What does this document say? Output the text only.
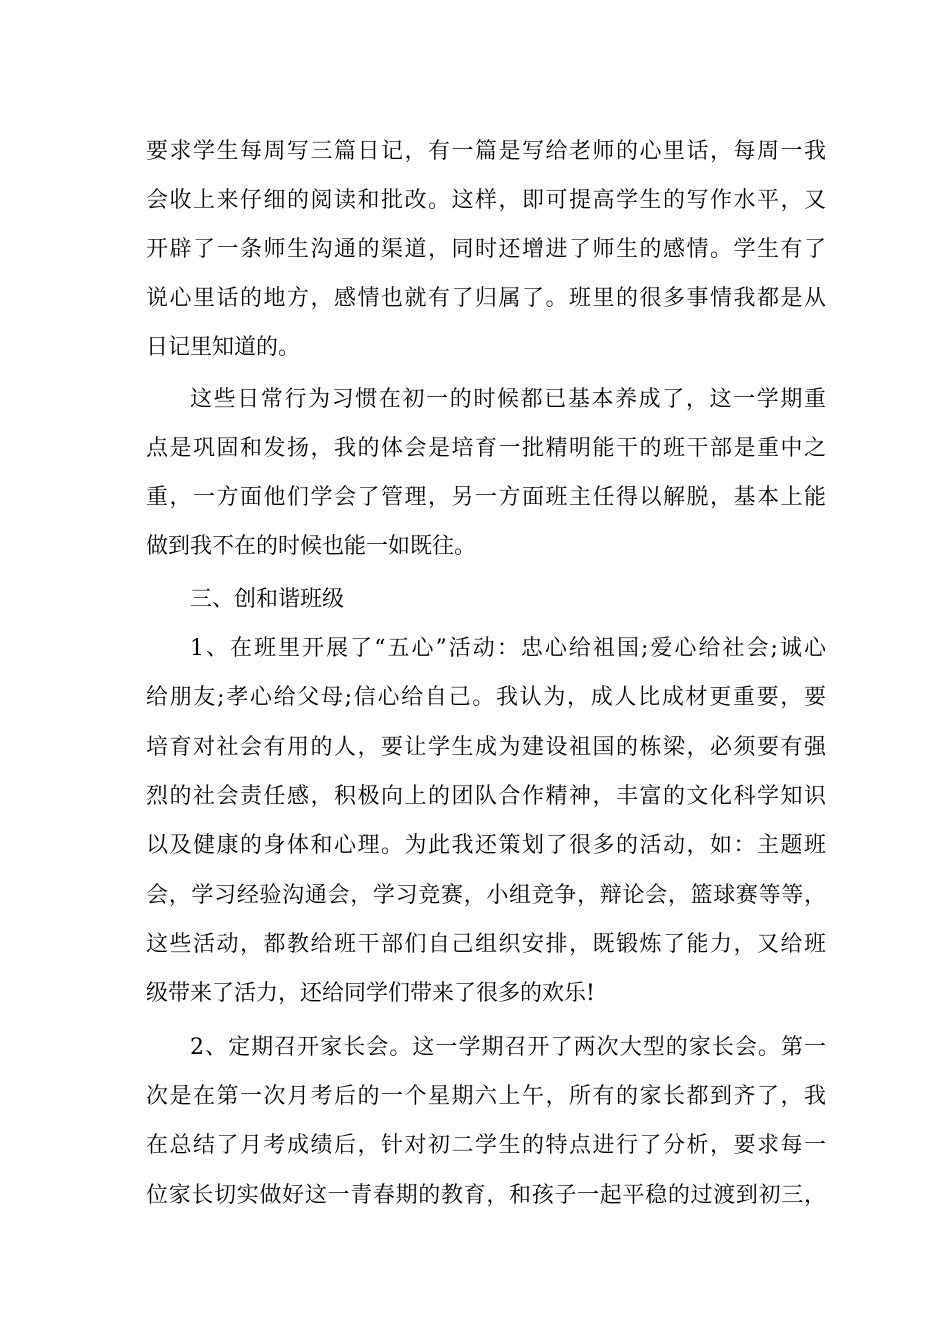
要求学生每周写三篇日记，有一篇是写给老师的心里话，每周一我
会收上来仔细的阅读和批改。这样，即可提高学生的写作水平，又
开辟了一条师生沟通的渠道，同时还增进了师生的感情。学生有了
说心里话的地方，感情也就有了归属了。班里的很多事情我都是从
日记里知道的。
这些日常行为习惯在初一的时候都已基本养成了，这一学期重
点是巩固和发扬，我的体会是培育一批精明能干的班干部是重中之
重，一方面他们学会了管理，另一方面班主任得以解脱，基本上能
做到我不在的时候也能一如既往。
三、创和谐班级
1、在班里开展了“五心”活动：忠心给祖国;爱心给社会;诚心
给朋友;孝心给父母;信心给自己。我认为，成人比成材更重要，要
培育对社会有用的人，要让学生成为建设祖国的栋梁，必须要有强
烈的社会责任感，积极向上的团队合作精神，丰富的文化科学知识
以及健康的身体和心理。为此我还策划了很多的活动，如：主题班
会，学习经验沟通会，学习竞赛，小组竞争，辩论会，篮球赛等等，
这些活动，都教给班干部们自己组织安排，既锻炼了能力，又给班
级带来了活力，还给同学们带来了很多的欢乐!
2、定期召开家长会。这一学期召开了两次大型的家长会。第一
次是在第一次月考后的一个星期六上午，所有的家长都到齐了，我
在总结了月考成绩后，针对初二学生的特点进行了分析，要求每一
位家长切实做好这一青春期的教育，和孩子一起平稳的过渡到初三，
